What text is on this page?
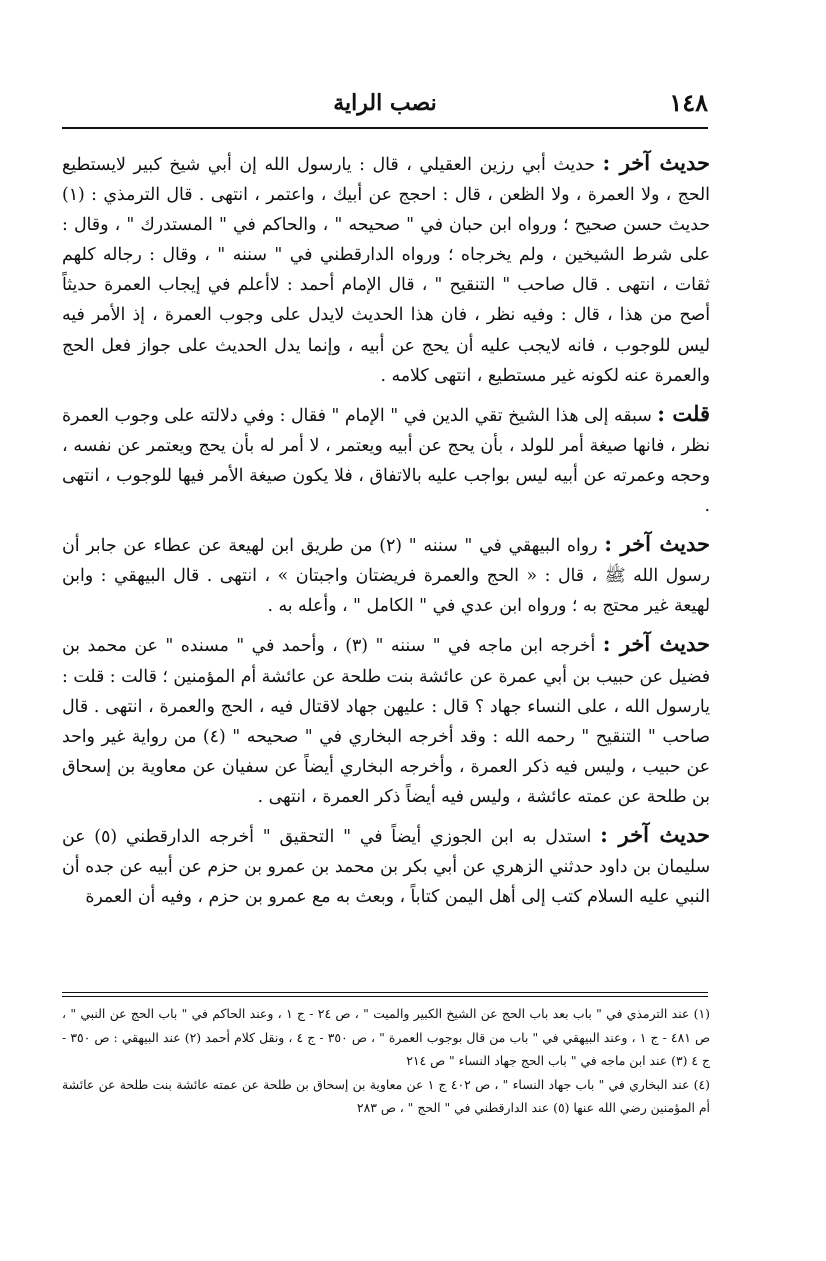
١٤٨
نصب الراية

حديث آخر : حديث أبي رزين العقيلي ، قال : يارسول الله إن أبي شيخ كبير لايستطيع الحج ، ولا العمرة ، ولا الظعن ، قال : احجج عن أبيك ، واعتمر ، انتهى . قال الترمذي : (١) حديث حسن صحيح ؛ ورواه ابن حبان في " صحيحه " ، والحاكم في " المستدرك " ، وقال : على شرط الشيخين ، ولم يخرجاه ؛ ورواه الدارقطني في " سننه " ، وقال : رجاله كلهم ثقات ، انتهى . قال صاحب " التنقيح " ، قال الإمام أحمد : لاأعلم في إيجاب العمرة حديثاً أصح من هذا ، قال : وفيه نظر ، فان هذا الحديث لايدل على وجوب العمرة ، إذ الأمر فيه ليس للوجوب ، فانه لايجب عليه أن يحج عن أبيه ، وإنما يدل الحديث على جواز فعل الحج والعمرة عنه لكونه غير مستطيع ، انتهى كلامه .

قلت : سبقه إلى هذا الشيخ تقي الدين في " الإمام " فقال : وفي دلالته على وجوب العمرة نظر ، فانها صيغة أمر للولد ، بأن يحج عن أبيه ويعتمر ، لا أمر له بأن يحج ويعتمر عن نفسه ، وحجه وعمرته عن أبيه ليس بواجب عليه بالاتفاق ، فلا يكون صيغة الأمر فيها للوجوب ، انتهى .

حديث آخر : رواه البيهقي في " سننه " (٢) من طريق ابن لهيعة عن عطاء عن جابر أن رسول الله ﷺ ، قال : « الحج والعمرة فريضتان واجبتان » ، انتهى . قال البيهقي : وابن لهيعة غير محتج به ؛ ورواه ابن عدي في " الكامل " ، وأعله به .

حديث آخر : أخرجه ابن ماجه في " سننه " (٣) ، وأحمد في " مسنده " عن محمد بن فضيل عن حبيب بن أبي عمرة عن عائشة بنت طلحة عن عائشة أم المؤمنين ؛ قالت : قلت : يارسول الله ، على النساء جهاد ؟ قال : عليهن جهاد لاقتال فيه ، الحج والعمرة ، انتهى . قال صاحب " التنقيح " رحمه الله : وقد أخرجه البخاري في " صحيحه " (٤) من رواية غير واحد عن حبيب ، وليس فيه ذكر العمرة ، وأخرجه البخاري أيضاً عن سفيان عن معاوية بن إسحاق بن طلحة عن عمته عائشة ، وليس فيه أيضاً ذكر العمرة ، انتهى .

حديث آخر : استدل به ابن الجوزي أيضاً في " التحقيق " أخرجه الدارقطني (٥) عن سليمان بن داود حدثني الزهري عن أبي بكر بن محمد بن عمرو بن حزم عن أبيه عن جده أن النبي عليه السلام كتب إلى أهل اليمن كتاباً ، وبعث به مع عمرو بن حزم ، وفيه أن العمرة

(١) عند الترمذي في " باب بعد باب الحج عن الشيخ الكبير والميت " ، ص ٢٤ - ج ١ ، وعند الحاكم في " باب الحج عن النبي " ، ص ٤٨١ - ج ١ ، وعند البيهقي في " باب من قال بوجوب العمرة " ، ص ٣٥٠ - ج ٤ ، ونقل كلام أحمد (٢) عند البيهقي : ص ٣٥٠ - ج ٤ (٣) عند ابن ماجه في " باب الحج جهاد النساء " ص ٢١٤

(٤) عند البخاري في " باب جهاد النساء " ، ص ٤٠٢ ج ١ عن معاوية بن إسحاق بن طلحة عن عمته عائشة بنت طلحة عن عائشة أم المؤمنين رضي الله عنها (٥) عند الدارقطني في " الحج " ، ص ٢٨٣
